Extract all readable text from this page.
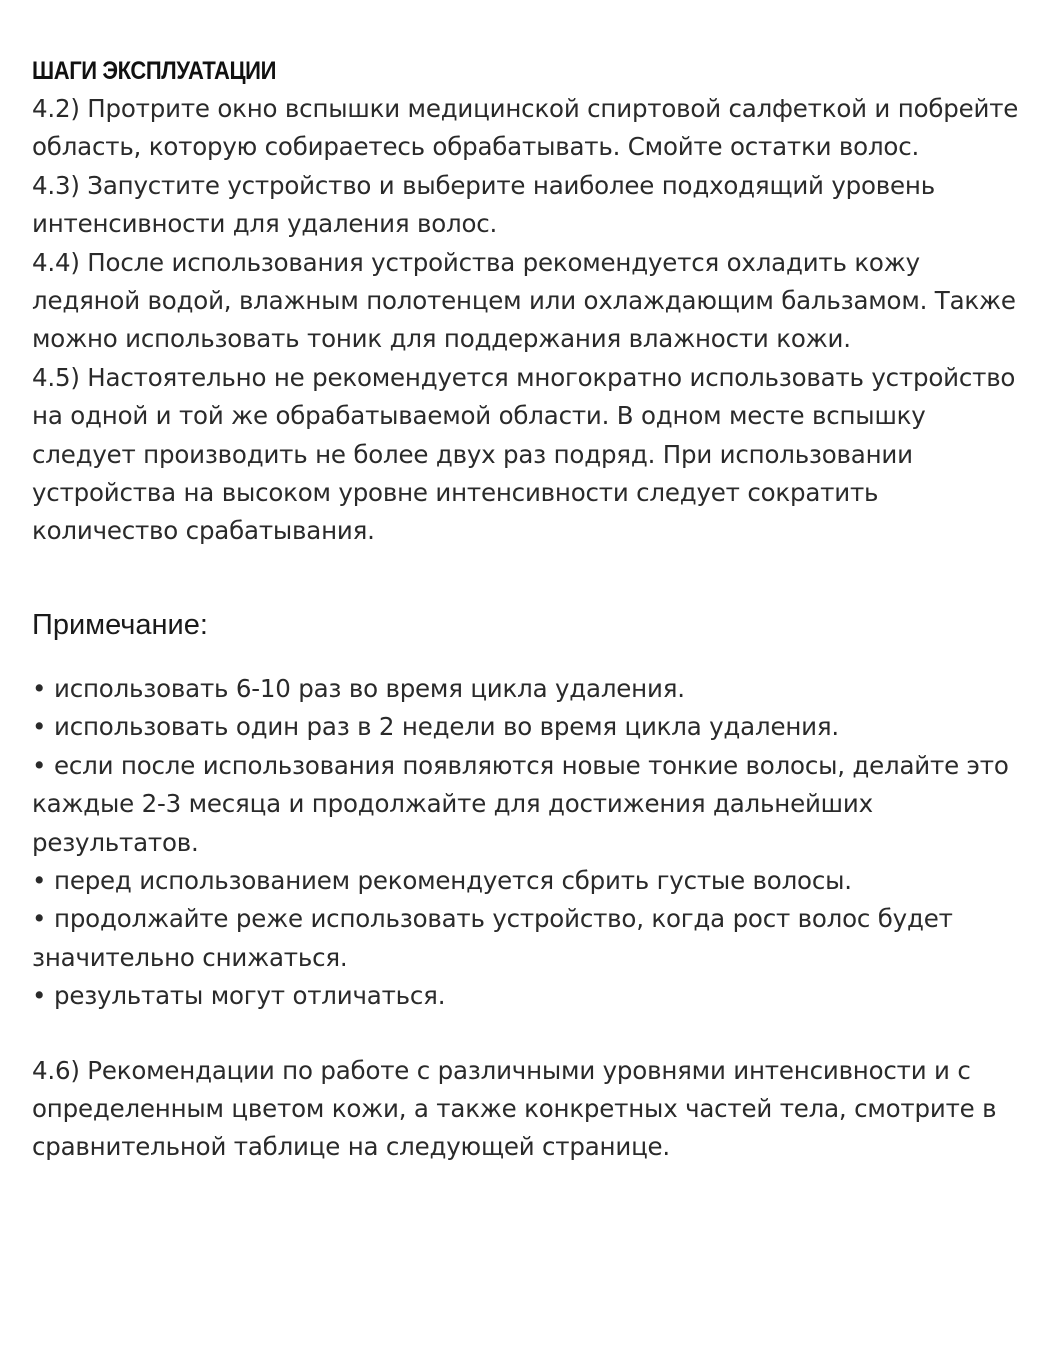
ШАГИ ЭКСПЛУАТАЦИИ

4.2) Протрите окно вспышки медицинской спиртовой салфеткой и побрейте область, которую собираетесь обрабатывать. Смойте остатки волос.

4.3) Запустите устройство и выберите наиболее подходящий уровень интенсивности для удаления волос.

4.4) После использования устройства рекомендуется охладить кожу ледяной водой, влажным полотенцем или охлаждающим бальзамом. Также можно использовать тоник для поддержания влажности кожи.

4.5) Настоятельно не рекомендуется многократно использовать устройство на одной и той же обрабатываемой области. В одном месте вспышку следует производить не более двух раз подряд. При использовании устройства на высоком уровне интенсивности следует сократить количество срабатывания.

Примечание:
• использовать 6-10 раз во время цикла удаления.
• использовать один раз в 2 недели во время цикла удаления.
• если после использования появляются новые тонкие волосы, делайте это каждые 2-3 месяца и продолжайте для достижения дальнейших результатов.
• перед использованием рекомендуется сбрить густые волосы.
• продолжайте реже использовать устройство, когда рост волос будет значительно снижаться.
• результаты могут отличаться.

4.6) Рекомендации по работе с различными уровнями интенсивности и с определенным цветом кожи, а также конкретных частей тела, смотрите в сравнительной таблице на следующей странице.
